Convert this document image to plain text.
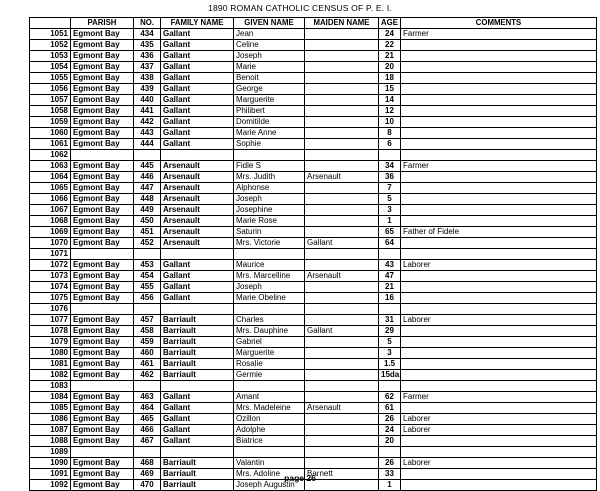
1890 ROMAN CATHOLIC CENSUS OF P. E. I.
	PARISH	NO.	FAMILY NAME	GIVEN NAME	MAIDEN NAME	AGE	COMMENTS
1051	Egmont Bay	434	Gallant	Jean		24	Farmer
1052	Egmont Bay	435	Gallant	Celine		22	
1053	Egmont Bay	436	Gallant	Joseph		21	
1054	Egmont Bay	437	Gallant	Marie		20	
1055	Egmont Bay	438	Gallant	Benoit		18	
1056	Egmont Bay	439	Gallant	George		15	
1057	Egmont Bay	440	Gallant	Marguerite		14	
1058	Egmont Bay	441	Gallant	Philibert		12	
1059	Egmont Bay	442	Gallant	Domitilde		10	
1060	Egmont Bay	443	Gallant	Marie Anne		8	
1061	Egmont Bay	444	Gallant	Sophie		6	
1062							
1063	Egmont Bay	445	Arsenault	Fidle S		34	Farmer
1064	Egmont Bay	446	Arsenault	Mrs. Judith	Arsenault	36	
1065	Egmont Bay	447	Arsenault	Alphonse		7	
1066	Egmont Bay	448	Arsenault	Joseph		5	
1067	Egmont Bay	449	Arsenault	Josephine		3	
1068	Egmont Bay	450	Arsenault	Marie Rose		1	
1069	Egmont Bay	451	Arsenault	Saturin		65	Father of Fidele
1070	Egmont Bay	452	Arsenault	Mrs. Victorie	Gallant	64	
1071							
1072	Egmont Bay	453	Gallant	Maurice		43	Laborer
1073	Egmont Bay	454	Gallant	Mrs. Marcelline	Arsenault	47	
1074	Egmont Bay	455	Gallant	Joseph		21	
1075	Egmont Bay	456	Gallant	Marie Obeline		16	
1076							
1077	Egmont Bay	457	Barriault	Charles		31	Laborer
1078	Egmont Bay	458	Barriault	Mrs. Dauphine	Gallant	29	
1079	Egmont Bay	459	Barriault	Gabriel		5	
1080	Egmont Bay	460	Barriault	Marguerite		3	
1081	Egmont Bay	461	Barriault	Rosalie		1.5	
1082	Egmont Bay	462	Barriault	Germie		15da	
1083							
1084	Egmont Bay	463	Gallant	Amant		62	Farmer
1085	Egmont Bay	464	Gallant	Mrs. Madeleine	Arsenault	61	
1086	Egmont Bay	465	Gallant	Ozillon		26	Laborer
1087	Egmont Bay	466	Gallant	Adolphe		24	Laborer
1088	Egmont Bay	467	Gallant	Biatrice		20	
1089							
1090	Egmont Bay	468	Barriault	Valantin		26	Laborer
1091	Egmont Bay	469	Barriault	Mrs. Adoline	Barnett	33	
1092	Egmont Bay	470	Barriault	Joseph Augustin		1	
page 26
